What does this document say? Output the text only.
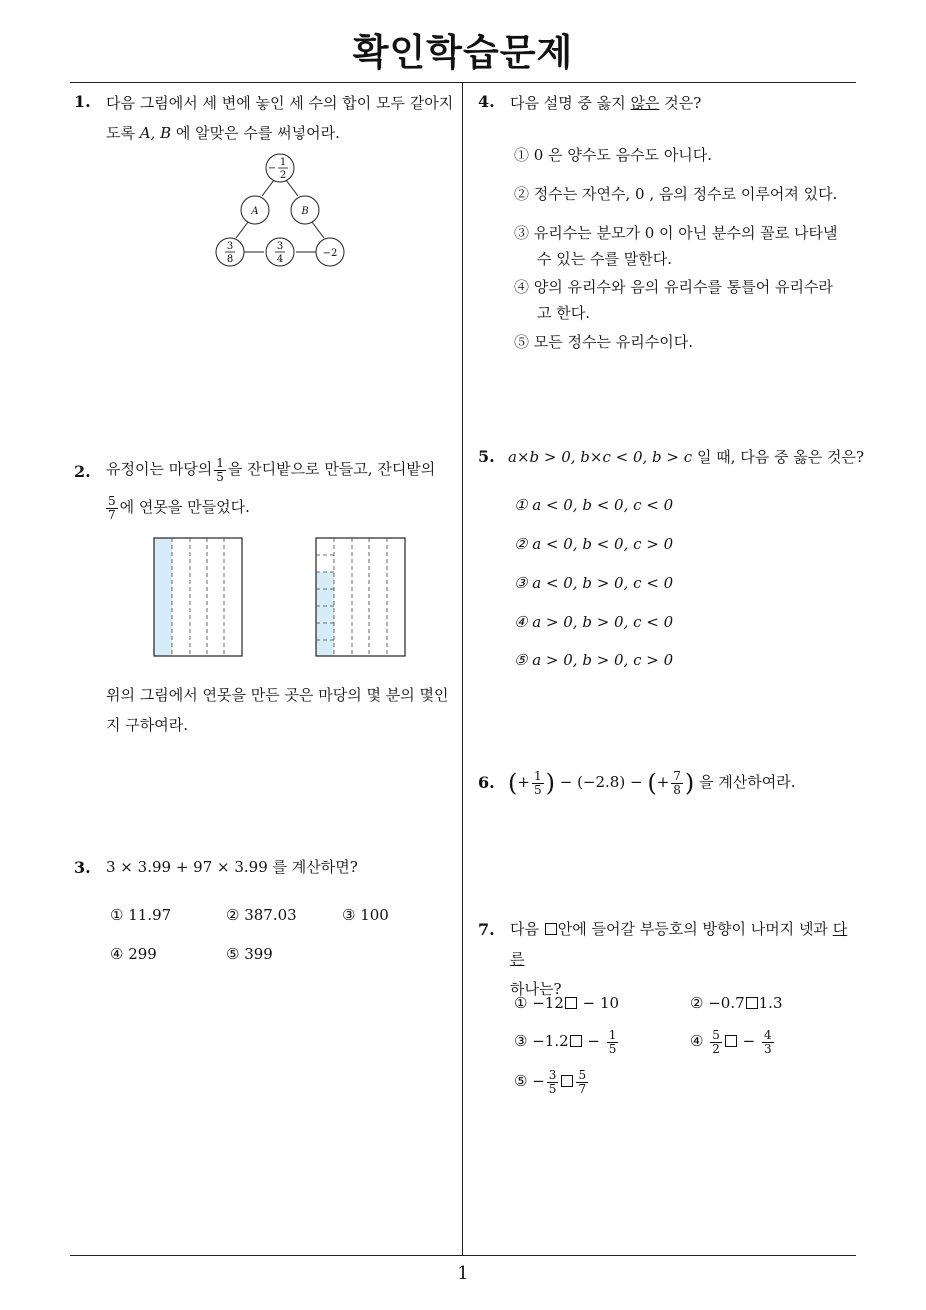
확인학습문제
1
1. 다음 그림에서 세 변에 놓인 세 수의 합이 모두 같아지
도록 A, B 에 알맞은 수를 써넣어라.
−
1
2
A	B
3
8
3
4
−2
2. 유정이는 마당의 $\frac{1}{5}$ 을 잔디밭으로 만들고, 잔디밭의
$\frac{5}{7}$ 에 연못을 만들었다.
위의 그림에서 연못을 만든 곳은 마당의 몇 분의 몇인
지 구하여라.
3. 3 × 3.99 + 97 × 3.99 를 계산하면?
① 11.97	② 387.03	③ 100
④ 299	⑤ 399
4. 다음 설명 중 옳지 않은 것은?
① 0 은 양수도 음수도 아니다.
② 정수는 자연수, 0 , 음의 정수로 이루어져 있다.
③ 유리수는 분모가 0 이 아닌 분수의 꼴로 나타낼
수 있는 수를 말한다.
④ 양의 유리수와 음의 유리수를 통틀어 유리수라
고 한다.
⑤ 모든 정수는 유리수이다.
5. a×b > 0, b×c < 0, b > c 일 때, 다음 중 옳은 것은?
① a < 0, b < 0, c < 0
② a < 0, b < 0, c > 0
③ a < 0, b > 0, c < 0
④ a > 0, b > 0, c < 0
⑤ a > 0, b > 0, c > 0
6. (+ $\frac{1}{5}$ ) − (−2.8) − (+ $\frac{7}{8}$ ) 을 계산하여라.
7. 다음 안에 들어갈 부등호의 방향이 나머지 넷과 다른
하나는?
① −12 − 10	② −0.7 1.3
③ $-1.2 - \frac{1}{5}$	④ $\frac{5}{2} - \frac{4}{3}$
⑤ − $\frac{3}{5} \frac{5}{7}$
